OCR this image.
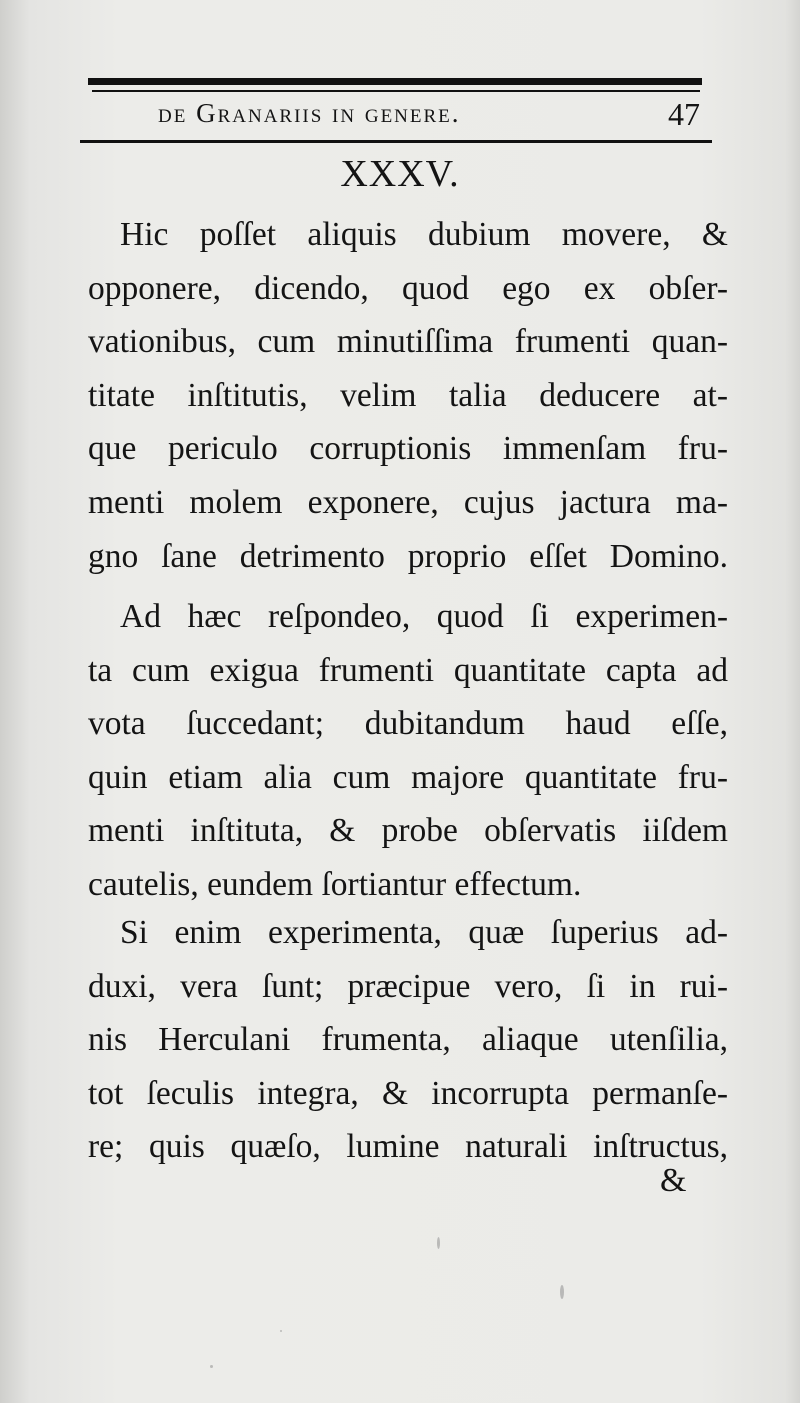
de Granariis in genere.	47
XXXV.
Hic poſſet aliquis dubium movere, &
opponere, dicendo, quod ego ex obſer-
vationibus, cum minutiſſima frumenti quan-
titate inſtitutis, velim talia deducere at-
que periculo corruptionis immenſam fru-
menti molem exponere, cujus jactura ma-
gno ſane detrimento proprio eſſet Domino.
Ad hæc reſpondeo, quod ſi experimen-
ta cum exigua frumenti quantitate capta ad
vota ſuccedant; dubitandum haud eſſe,
quin etiam alia cum majore quantitate fru-
menti inſtituta, & probe obſervatis iiſdem
cautelis, eundem ſortiantur effectum.
Si enim experimenta, quæ ſuperius ad-
duxi, vera ſunt; præcipue vero, ſi in rui-
nis Herculani frumenta, aliaque utenſilia,
tot ſeculis integra, & incorrupta permanſe-
re; quis quæſo, lumine naturali inſtructus,
&
